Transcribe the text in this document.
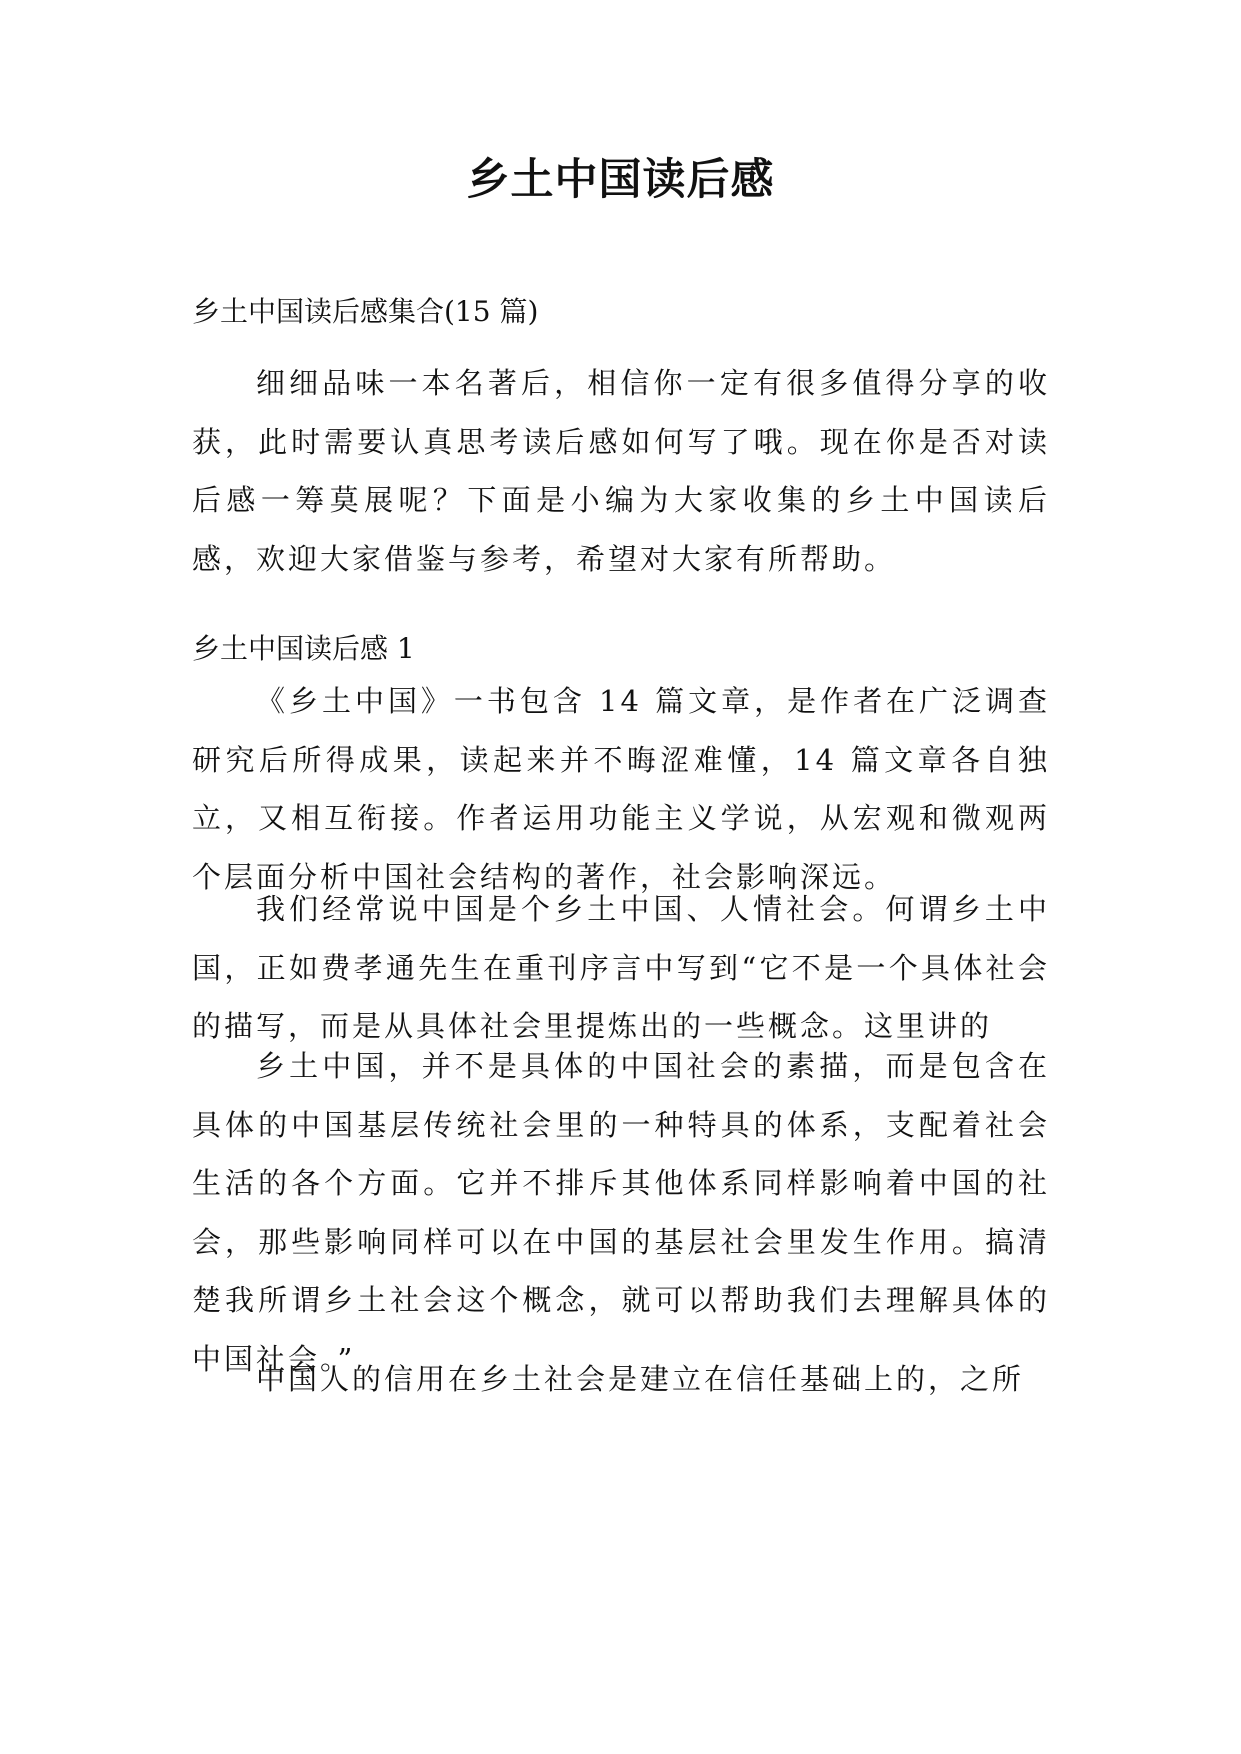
乡土中国读后感

乡土中国读后感集合(15 篇)

细细品味一本名著后，相信你一定有很多值得分享的收获，此时需要认真思考读后感如何写了哦。现在你是否对读后感一筹莫展呢？下面是小编为大家收集的乡土中国读后感，欢迎大家借鉴与参考，希望对大家有所帮助。

乡土中国读后感 1

《乡土中国》一书包含 14 篇文章，是作者在广泛调查研究后所得成果，读起来并不晦涩难懂，14 篇文章各自独立，又相互衔接。作者运用功能主义学说，从宏观和微观两个层面分析中国社会结构的著作，社会影响深远。

我们经常说中国是个乡土中国、人情社会。何谓乡土中国，正如费孝通先生在重刊序言中写到“它不是一个具体社会的描写，而是从具体社会里提炼出的一些概念。这里讲的

乡土中国，并不是具体的中国社会的素描，而是包含在具体的中国基层传统社会里的一种特具的体系，支配着社会生活的各个方面。它并不排斥其他体系同样影响着中国的社会，那些影响同样可以在中国的基层社会里发生作用。搞清楚我所谓乡土社会这个概念，就可以帮助我们去理解具体的中国社会。”

中国人的信用在乡土社会是建立在信任基础上的，之所
